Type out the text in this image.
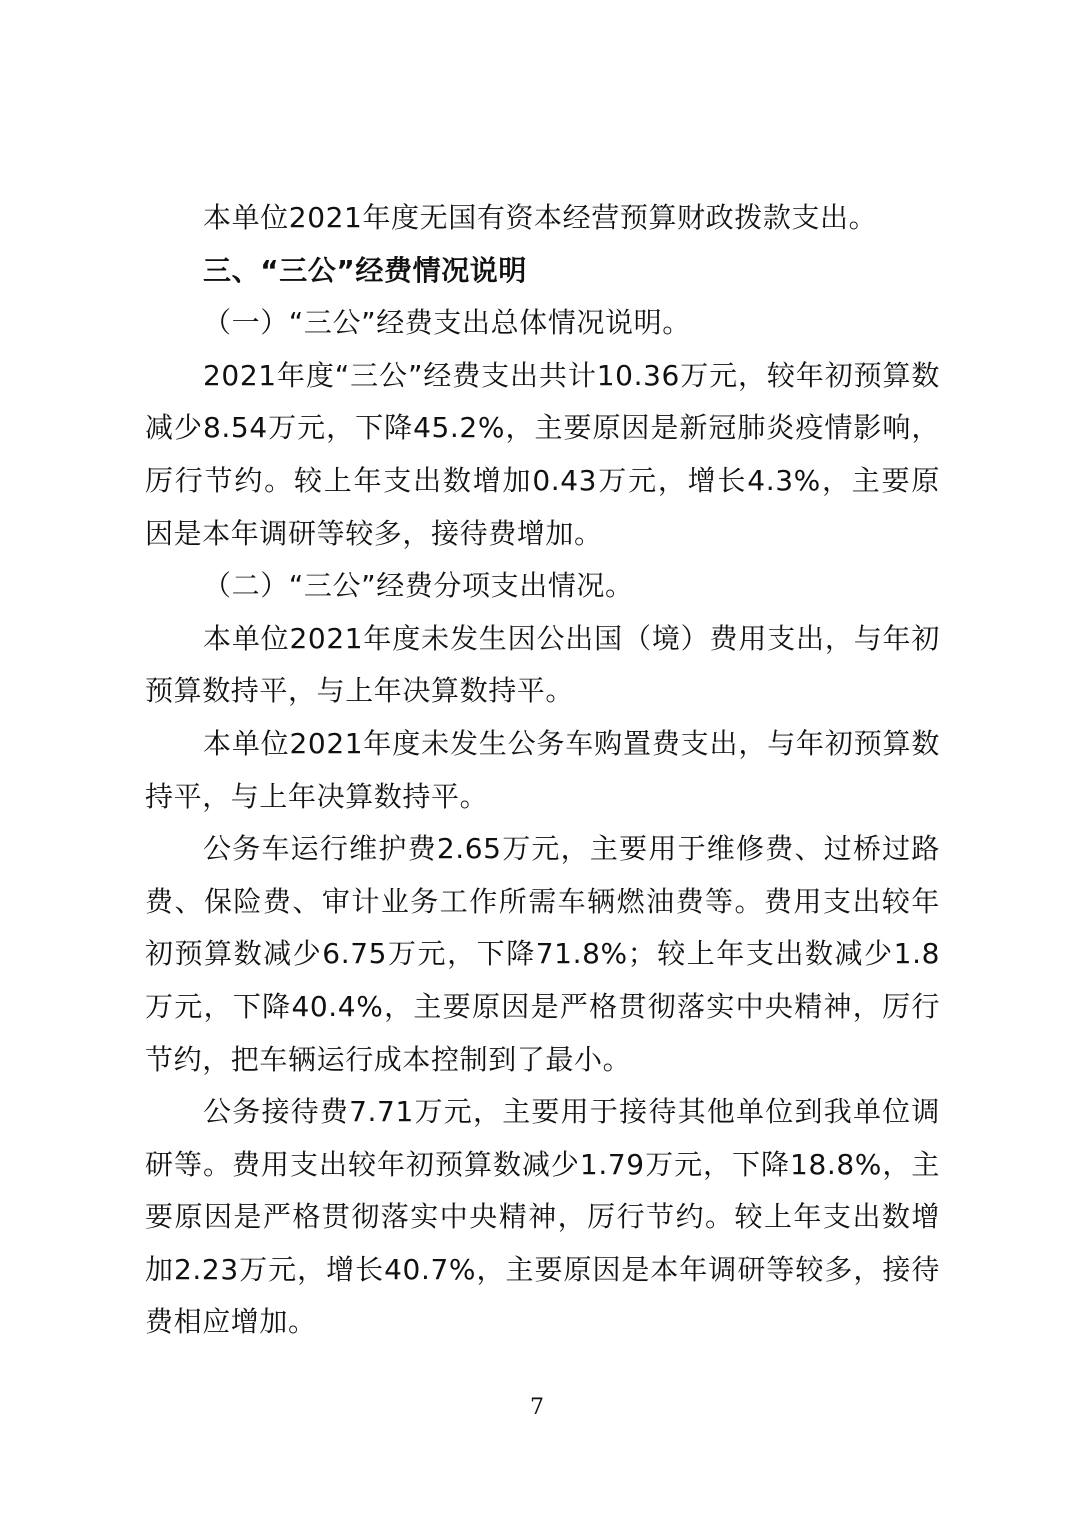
本单位2021年度无国有资本经营预算财政拨款支出。

三、“三公”经费情况说明

（一）“三公”经费支出总体情况说明。

2021年度“三公”经费支出共计10.36万元，较年初预算数减少8.54万元，下降45.2%，主要原因是新冠肺炎疫情影响，厉行节约。较上年支出数增加0.43万元，增长4.3%，主要原因是本年调研等较多，接待费增加。

（二）“三公”经费分项支出情况。

本单位2021年度未发生因公出国（境）费用支出，与年初预算数持平，与上年决算数持平。

本单位2021年度未发生公务车购置费支出，与年初预算数持平，与上年决算数持平。

公务车运行维护费2.65万元，主要用于维修费、过桥过路费、保险费、审计业务工作所需车辆燃油费等。费用支出较年初预算数减少6.75万元，下降71.8%；较上年支出数减少1.8万元，下降40.4%，主要原因是严格贯彻落实中央精神，厉行节约，把车辆运行成本控制到了最小。

公务接待费7.71万元，主要用于接待其他单位到我单位调研等。费用支出较年初预算数减少1.79万元，下降18.8%，主要原因是严格贯彻落实中央精神，厉行节约。较上年支出数增加2.23万元，增长40.7%，主要原因是本年调研等较多，接待费相应增加。

7
